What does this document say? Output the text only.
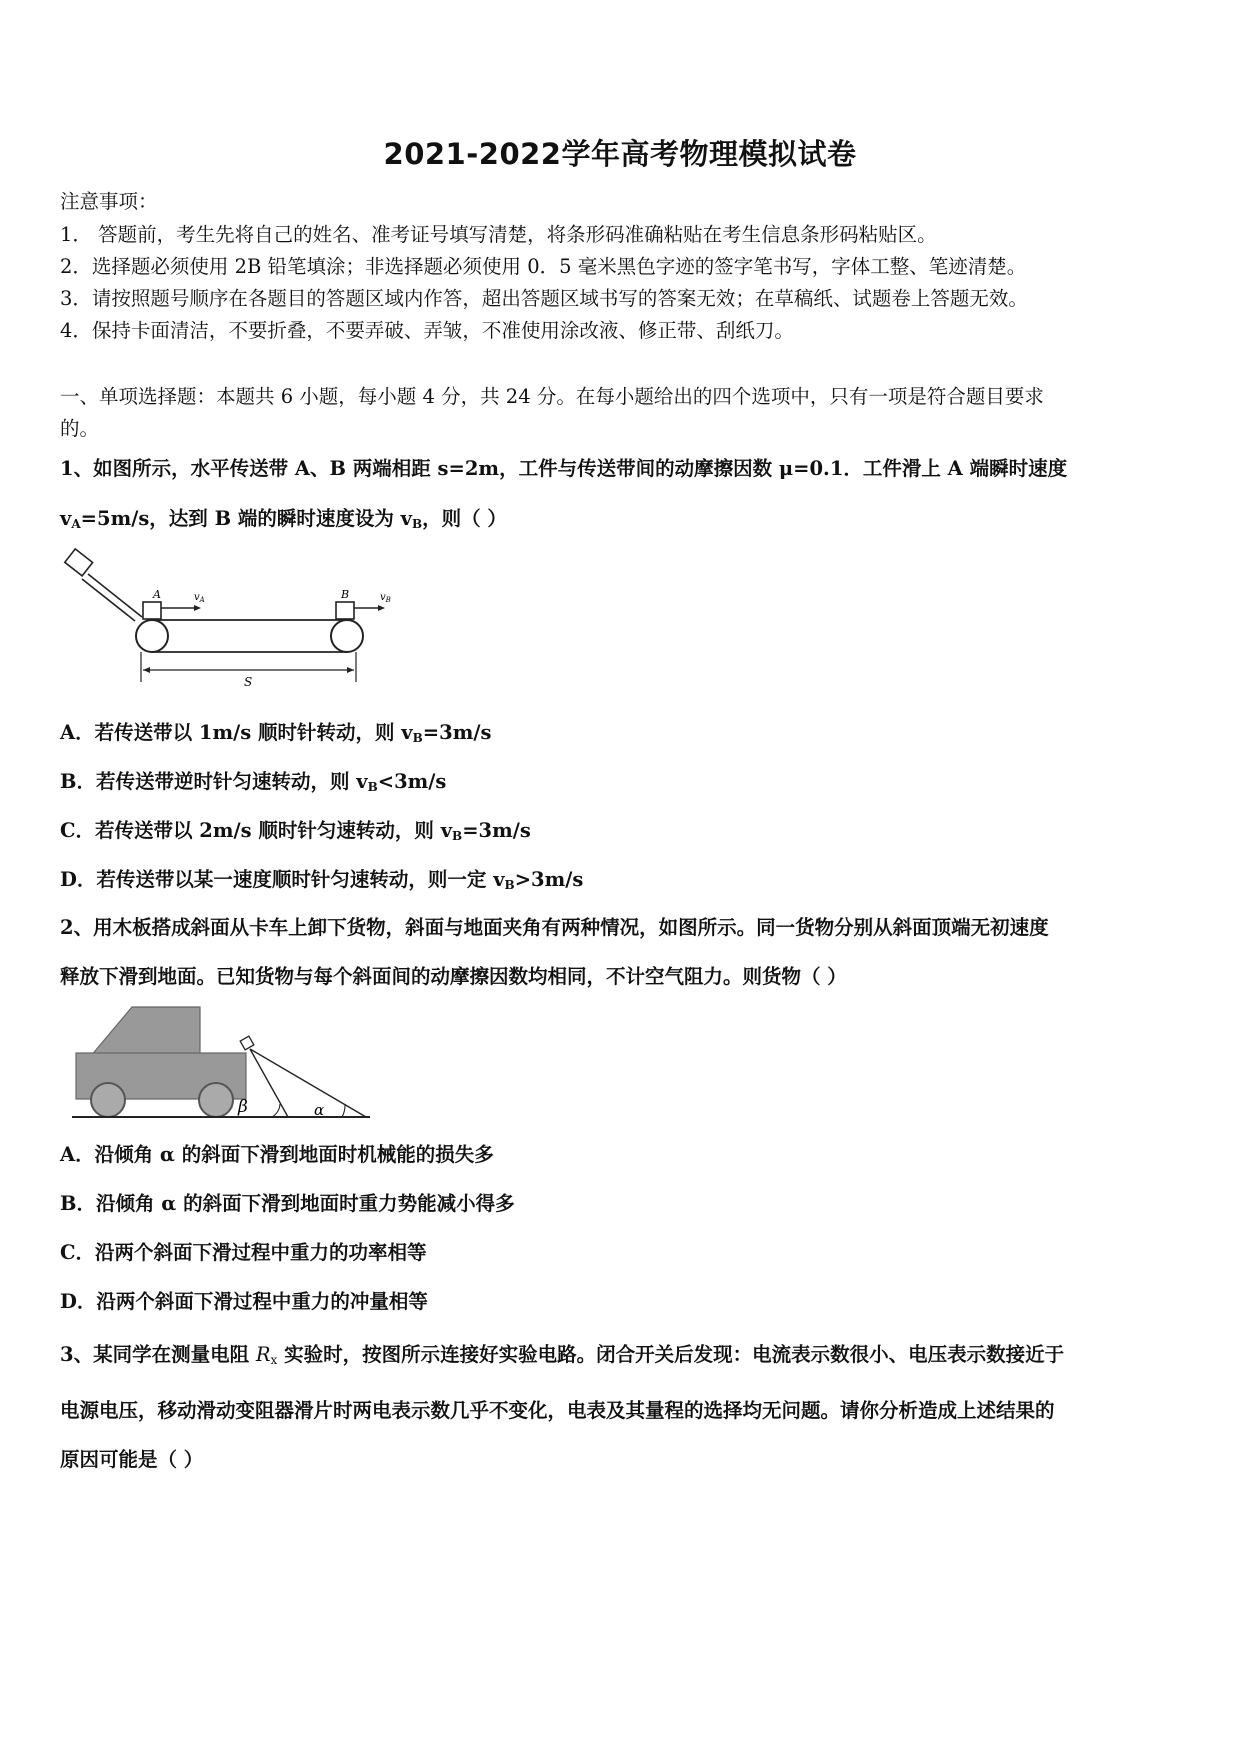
2021-2022学年高考物理模拟试卷
注意事项：
1． 答题前，考生先将自己的姓名、准考证号填写清楚，将条形码准确粘贴在考生信息条形码粘贴区。
2．选择题必须使用 2B 铅笔填涂；非选择题必须使用 0．5 毫米黑色字迹的签字笔书写，字体工整、笔迹清楚。
3．请按照题号顺序在各题目的答题区域内作答，超出答题区域书写的答案无效；在草稿纸、试题卷上答题无效。
4．保持卡面清洁，不要折叠，不要弄破、弄皱，不准使用涂改液、修正带、刮纸刀。
一、单项选择题：本题共 6 小题，每小题 4 分，共 24 分。在每小题给出的四个选项中，只有一项是符合题目要求
的。
1、如图所示，水平传送带 A、B 两端相距 s=2m，工件与传送带间的动摩擦因数 μ=0.1．工件滑上 A 端瞬时速度
$v_A=5m/s$，达到 B 端的瞬时速度设为 $v_B$，则（ ）
A	$v_A$	B	$v_B$
S
A．若传送带以 1m/s 顺时针转动，则 $v_B=3m/s$
B．若传送带逆时针匀速转动，则 $v_B<3m/s$
C．若传送带以 2m/s 顺时针匀速转动，则 $v_B=3m/s$
D．若传送带以某一速度顺时针匀速转动，则一定 $v_B>3m/s$
2、用木板搭成斜面从卡车上卸下货物，斜面与地面夹角有两种情况，如图所示。同一货物分别从斜面顶端无初速度
释放下滑到地面。已知货物与每个斜面间的动摩擦因数均相同，不计空气阻力。则货物（ ）
β	α
A．沿倾角 α 的斜面下滑到地面时机械能的损失多
B．沿倾角 α 的斜面下滑到地面时重力势能减小得多
C．沿两个斜面下滑过程中重力的功率相等
D．沿两个斜面下滑过程中重力的冲量相等
3、某同学在测量电阻 $R_x$ 实验时，按图所示连接好实验电路。闭合开关后发现：电流表示数很小、电压表示数接近于
电源电压，移动滑动变阻器滑片时两电表示数几乎不变化，电表及其量程的选择均无问题。请你分析造成上述结果的
原因可能是（ ）
